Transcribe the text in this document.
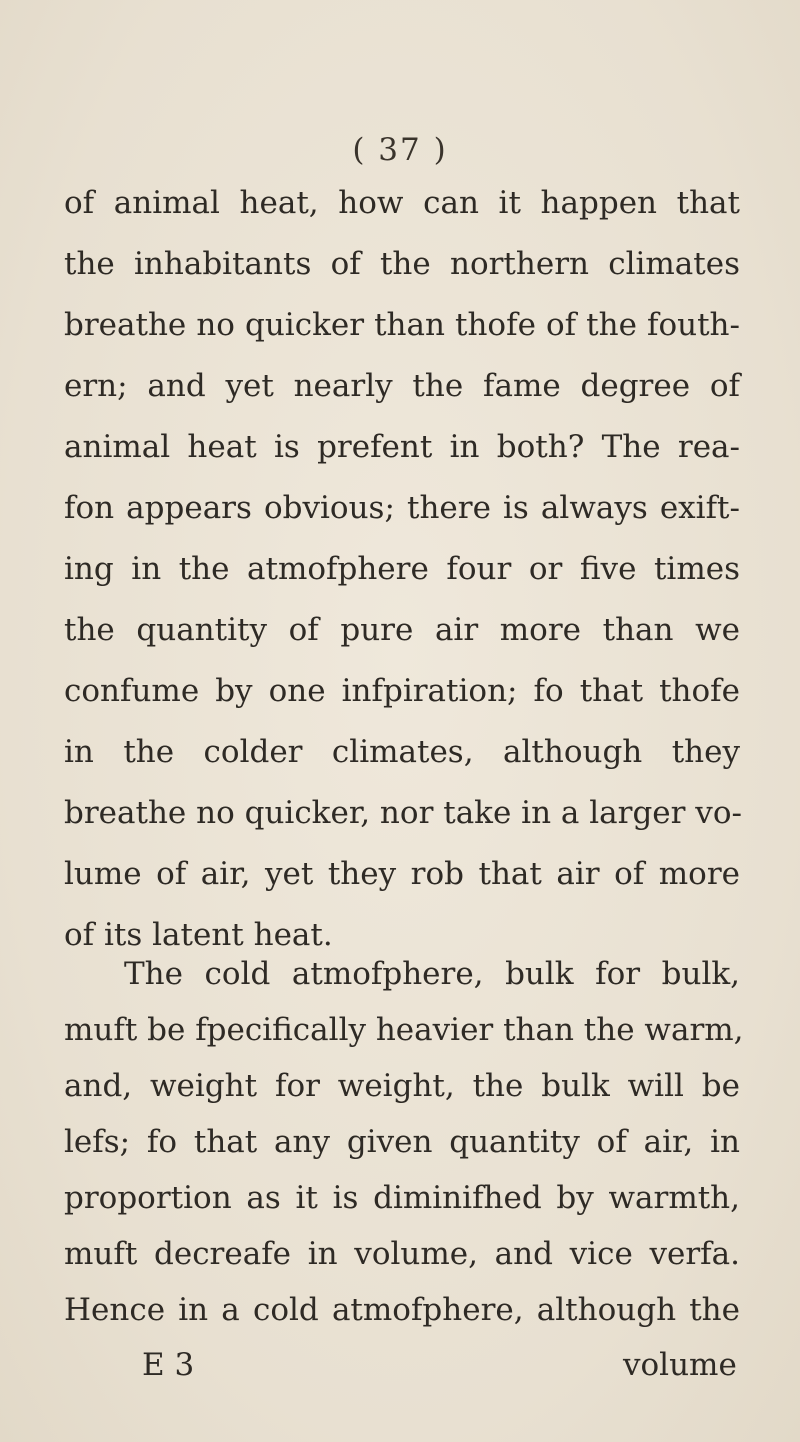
( 37 )
of animal heat, how can it happen that
the inhabitants of the northern climates
breathe no quicker than thofe of the fouth-
ern; and yet nearly the fame degree of
animal heat is prefent in both? The rea-
fon appears obvious; there is always exift-
ing in the atmofphere four or five times
the quantity of pure air more than we
confume by one infpiration; fo that thofe
in the colder climates, although they
breathe no quicker, nor take in a larger vo-
lume of air, yet they rob that air of more
of its latent heat.
The cold atmofphere, bulk for bulk,
muft be fpecifically heavier than the warm,
and, weight for weight, the bulk will be
lefs; fo that any given quantity of air, in
proportion as it is diminifhed by warmth,
muft decreafe in volume, and vice verfa.
Hence in a cold atmofphere, although the
E 3	volume
